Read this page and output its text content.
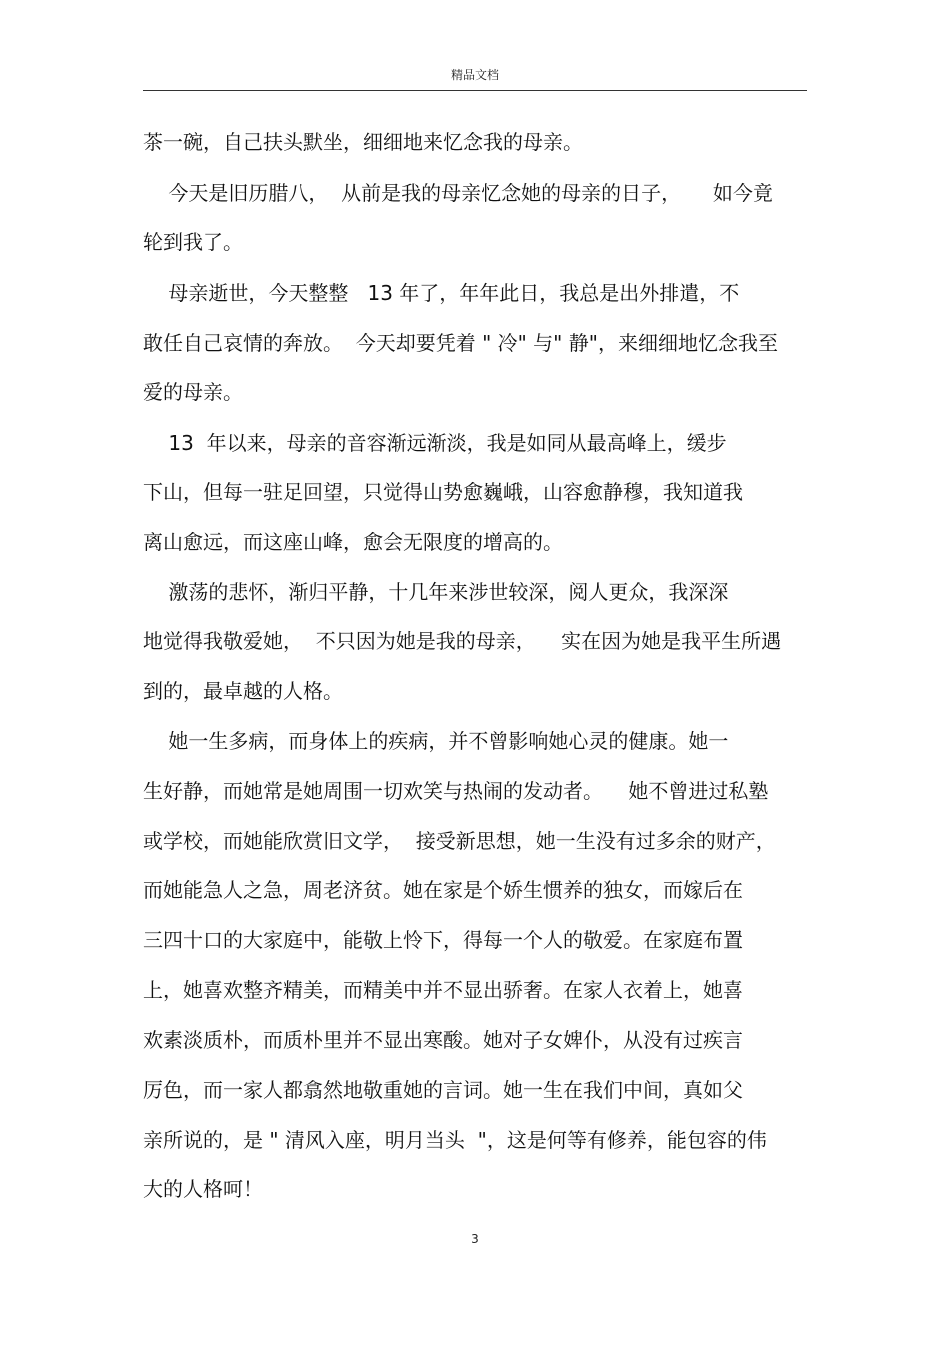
精品文档
茶一碗，自己扶头默坐，细细地来忆念我的母亲。
今天是旧历腊八，  从前是我的母亲忆念她的母亲的日子，     如今竟
轮到我了。
母亲逝世，今天整整   13 年了，年年此日，我总是出外排遣，不
敢任自己哀情的奔放。  今天却要凭着 " 冷" 与" 静"，来细细地忆念我至
爱的母亲。
13  年以来，母亲的音容渐远渐淡，我是如同从最高峰上，缓步
下山，但每一驻足回望，只觉得山势愈巍峨，山容愈静穆，我知道我
离山愈远，而这座山峰，愈会无限度的增高的。
激荡的悲怀，渐归平静，十几年来涉世较深，阅人更众，我深深
地觉得我敬爱她，  不只因为她是我的母亲，    实在因为她是我平生所遇
到的，最卓越的人格。
她一生多病，而身体上的疾病，并不曾影响她心灵的健康。她一
生好静，而她常是她周围一切欢笑与热闹的发动者。    她不曾进过私塾
或学校，而她能欣赏旧文学，  接受新思想，她一生没有过多余的财产，
而她能急人之急，周老济贫。她在家是个娇生惯养的独女，而嫁后在
三四十口的大家庭中，能敬上怜下，得每一个人的敬爱。在家庭布置
上，她喜欢整齐精美，而精美中并不显出骄奢。在家人衣着上，她喜
欢素淡质朴，而质朴里并不显出寒酸。她对子女婢仆，从没有过疾言
厉色，而一家人都翕然地敬重她的言词。她一生在我们中间，真如父
亲所说的，是 " 清风入座，明月当头  "，这是何等有修养，能包容的伟
大的人格呵！
3
